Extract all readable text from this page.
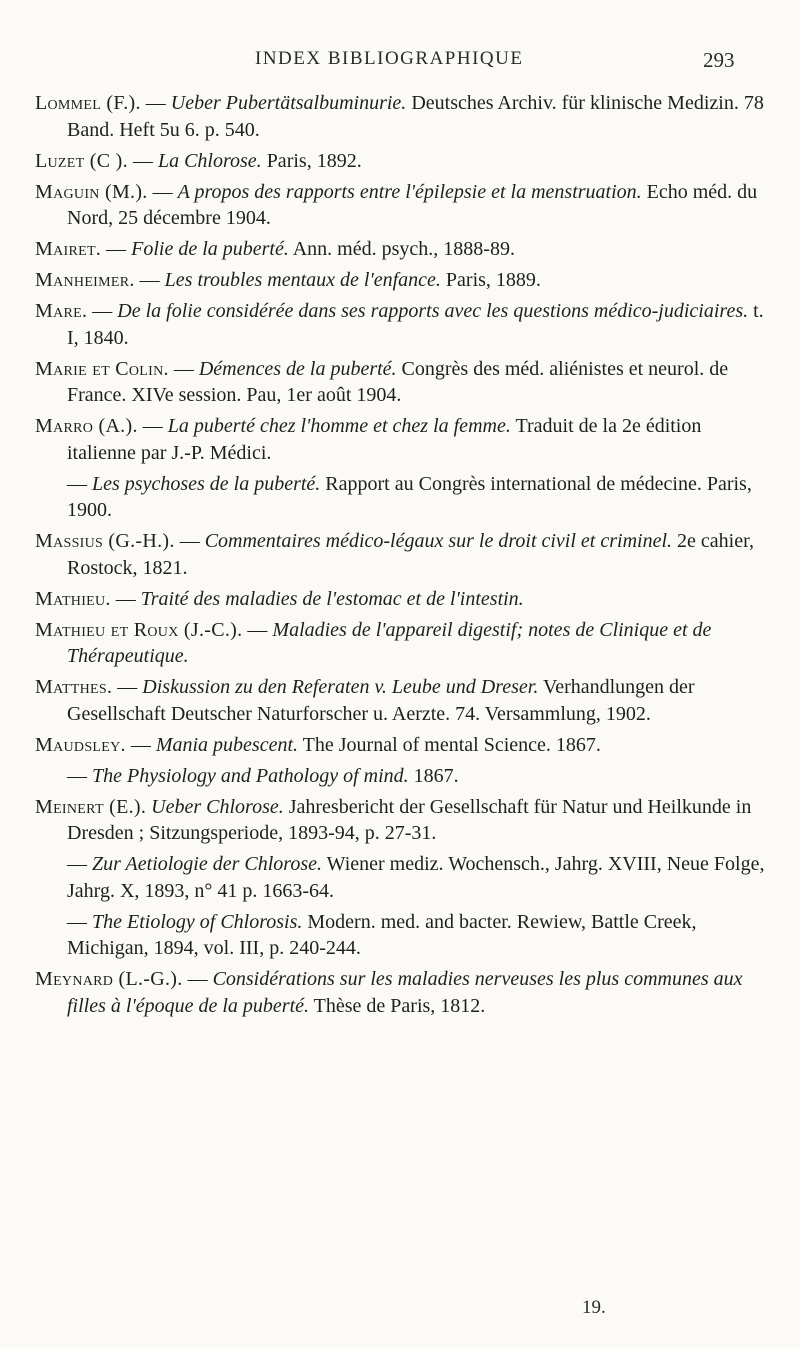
INDEX BIBLIOGRAPHIQUE	293

Lommel (F.). — Ueber Pubertätsalbuminurie. Deutsches Archiv. für klinische Medizin. 78 Band. Heft 5u 6. p. 540.

Luzet (C ). — La Chlorose. Paris, 1892.

Maguin (M.). — A propos des rapports entre l'épilepsie et la menstruation. Echo méd. du Nord, 25 décembre 1904.

Mairet. — Folie de la puberté. Ann. méd. psych., 1888-89.

Manheimer. — Les troubles mentaux de l'enfance. Paris, 1889.

Mare. — De la folie considérée dans ses rapports avec les questions médico-judiciaires. t. I, 1840.

Marie et Colin. — Démences de la puberté. Congrès des méd. aliénistes et neurol. de France. XIVe session. Pau, 1er août 1904.

Marro (A.). — La puberté chez l'homme et chez la femme. Traduit de la 2e édition italienne par J.-P. Médici.

— Les psychoses de la puberté. Rapport au Congrès international de médecine. Paris, 1900.

Massius (G.-H.). — Commentaires médico-légaux sur le droit civil et criminel. 2e cahier, Rostock, 1821.

Mathieu. — Traité des maladies de l'estomac et de l'intestin.

Mathieu et Roux (J.-C.). — Maladies de l'appareil digestif; notes de Clinique et de Thérapeutique.

Matthes. — Diskussion zu den Referaten v. Leube und Dreser. Verhandlungen der Gesellschaft Deutscher Naturforscher u. Aerzte. 74. Versammlung, 1902.

Maudsley. — Mania pubescent. The Journal of mental Science. 1867.

— The Physiology and Pathology of mind. 1867.

Meinert (E.). Ueber Chlorose. Jahresbericht der Gesellschaft für Natur und Heilkunde in Dresden ; Sitzungsperiode, 1893-94, p. 27-31.

— Zur Aetiologie der Chlorose. Wiener mediz. Wochensch., Jahrg. XVIII, Neue Folge, Jahrg. X, 1893, n° 41 p. 1663-64.

— The Etiology of Chlorosis. Modern. med. and bacter. Rewiew, Battle Creek, Michigan, 1894, vol. III, p. 240-244.

Meynard (L.-G.). — Considérations sur les maladies nerveuses les plus communes aux filles à l'époque de la puberté. Thèse de Paris, 1812.

19.
